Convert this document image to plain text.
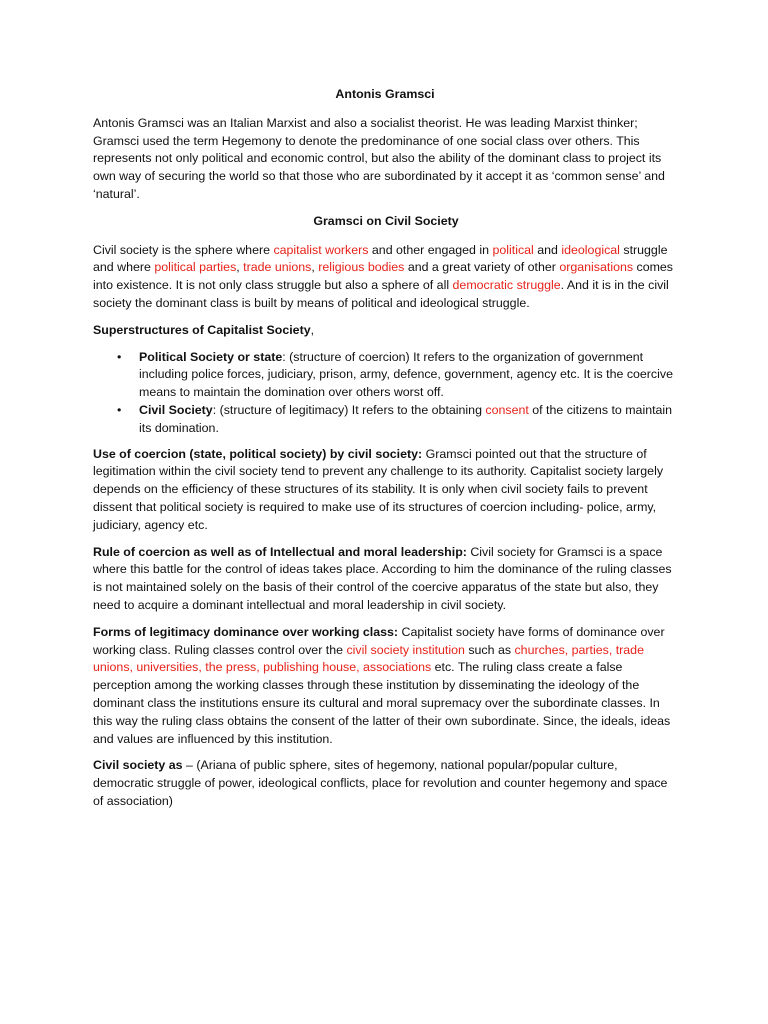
Antonis Gramsci

Antonis Gramsci was an Italian Marxist and also a socialist theorist. He was leading Marxist thinker; Gramsci used the term Hegemony to denote the predominance of one social class over others. This represents not only political and economic control, but also the ability of the dominant class to project its own way of securing the world so that those who are subordinated by it accept it as ‘common sense’ and ‘natural’.

Gramsci on Civil Society

Civil society is the sphere where capitalist workers and other engaged in political and ideological struggle and where political parties, trade unions, religious bodies and a great variety of other organisations comes into existence. It is not only class struggle but also a sphere of all democratic struggle. And it is in the civil society the dominant class is built by means of political and ideological struggle.

Superstructures of Capitalist Society,

• Political Society or state: (structure of coercion) It refers to the organization of government including police forces, judiciary, prison, army, defence, government, agency etc. It is the coercive means to maintain the domination over others worst off.
• Civil Society: (structure of legitimacy) It refers to the obtaining consent of the citizens to maintain its domination.

Use of coercion (state, political society) by civil society: Gramsci pointed out that the structure of legitimation within the civil society tend to prevent any challenge to its authority. Capitalist society largely depends on the efficiency of these structures of its stability. It is only when civil society fails to prevent dissent that political society is required to make use of its structures of coercion including- police, army, judiciary, agency etc.

Rule of coercion as well as of Intellectual and moral leadership: Civil society for Gramsci is a space where this battle for the control of ideas takes place. According to him the dominance of the ruling classes is not maintained solely on the basis of their control of the coercive apparatus of the state but also, they need to acquire a dominant intellectual and moral leadership in civil society.

Forms of legitimacy dominance over working class: Capitalist society have forms of dominance over working class. Ruling classes control over the civil society institution such as churches, parties, trade unions, universities, the press, publishing house, associations etc. The ruling class create a false perception among the working classes through these institution by disseminating the ideology of the dominant class the institutions ensure its cultural and moral supremacy over the subordinate classes. In this way the ruling class obtains the consent of the latter of their own subordinate. Since, the ideals, ideas and values are influenced by this institution.

Civil society as – (Ariana of public sphere, sites of hegemony, national popular/popular culture, democratic struggle of power, ideological conflicts, place for revolution and counter hegemony and space of association)
